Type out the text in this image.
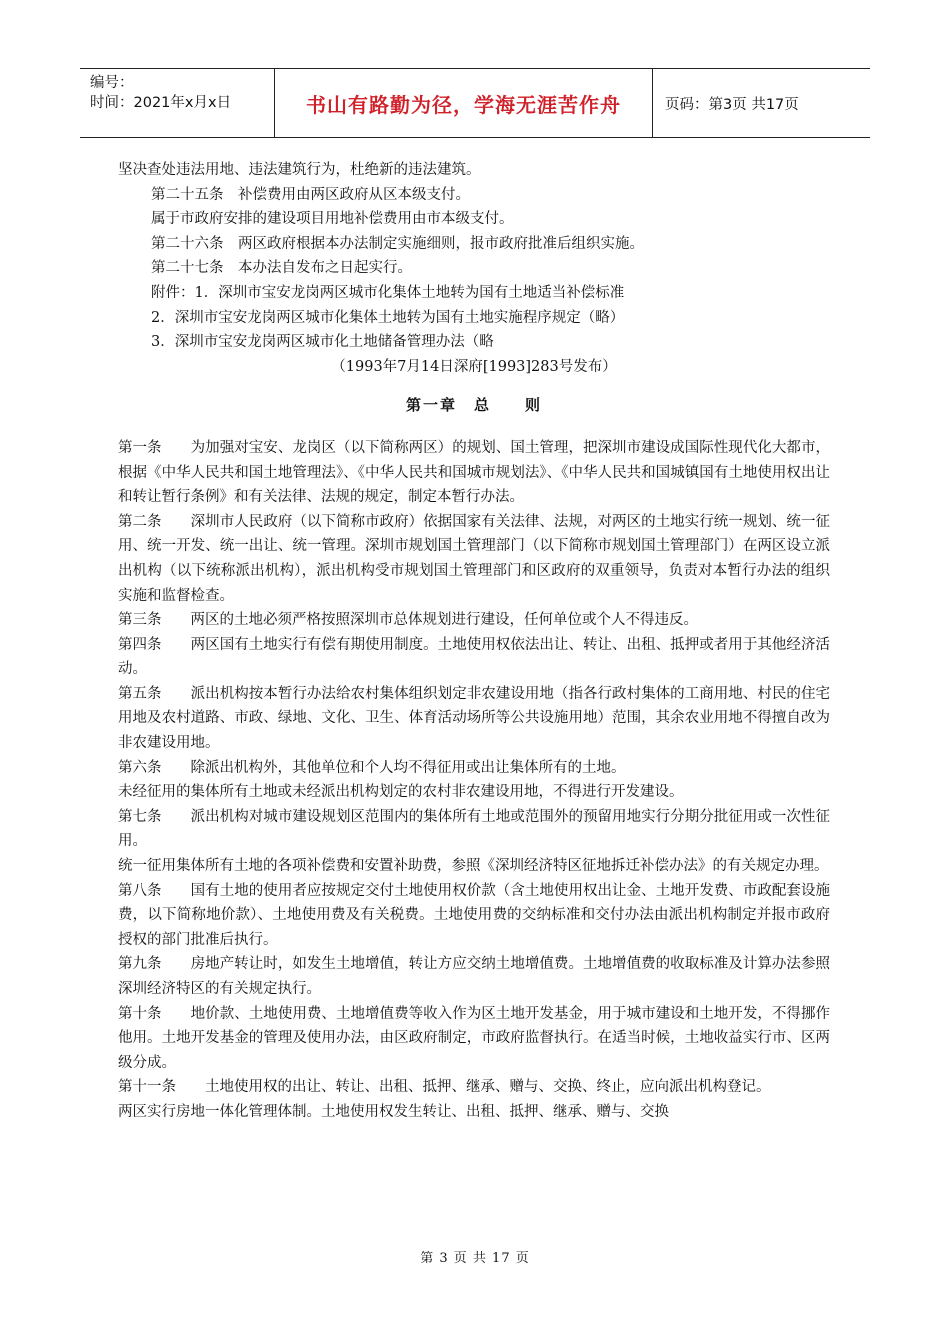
编号：
时间：2021年x月x日	书山有路勤为径，学海无涯苦作舟	页码：第3页 共17页

坚决查处违法用地、违法建筑行为，杜绝新的违法建筑。

第二十五条　补偿费用由两区政府从区本级支付。

属于市政府安排的建设项目用地补偿费用由市本级支付。

第二十六条　两区政府根据本办法制定实施细则，报市政府批准后组织实施。

第二十七条　本办法自发布之日起实行。

附件：1．深圳市宝安龙岗两区城市化集体土地转为国有土地适当补偿标准

2．深圳市宝安龙岗两区城市化集体土地转为国有土地实施程序规定（略）

3．深圳市宝安龙岗两区城市化土地储备管理办法（略

（1993年7月14日深府[1993]283号发布）

第一章　总　　则

第一条　　为加强对宝安、龙岗区（以下简称两区）的规划、国土管理，把深圳市建设成国际性现代化大都市，根据《中华人民共和国土地管理法》、《中华人民共和国城市规划法》、《中华人民共和国城镇国有土地使用权出让和转让暂行条例》和有关法律、法规的规定，制定本暂行办法。

第二条　　深圳市人民政府（以下简称市政府）依据国家有关法律、法规，对两区的土地实行统一规划、统一征用、统一开发、统一出让、统一管理。深圳市规划国土管理部门（以下简称市规划国土管理部门）在两区设立派出机构（以下统称派出机构），派出机构受市规划国土管理部门和区政府的双重领导，负责对本暂行办法的组织实施和监督检查。

第三条　　两区的土地必须严格按照深圳市总体规划进行建设，任何单位或个人不得违反。

第四条　　两区国有土地实行有偿有期使用制度。土地使用权依法出让、转让、出租、抵押或者用于其他经济活动。

第五条　　派出机构按本暂行办法给农村集体组织划定非农建设用地（指各行政村集体的工商用地、村民的住宅用地及农村道路、市政、绿地、文化、卫生、体育活动场所等公共设施用地）范围，其余农业用地不得擅自改为非农建设用地。

第六条　　除派出机构外，其他单位和个人均不得征用或出让集体所有的土地。

未经征用的集体所有土地或未经派出机构划定的农村非农建设用地，不得进行开发建设。

第七条　　派出机构对城市建设规划区范围内的集体所有土地或范围外的预留用地实行分期分批征用或一次性征用。

统一征用集体所有土地的各项补偿费和安置补助费，参照《深圳经济特区征地拆迁补偿办法》的有关规定办理。

第八条　　国有土地的使用者应按规定交付土地使用权价款（含土地使用权出让金、土地开发费、市政配套设施费，以下简称地价款）、土地使用费及有关税费。土地使用费的交纳标准和交付办法由派出机构制定并报市政府授权的部门批准后执行。

第九条　　房地产转让时，如发生土地增值，转让方应交纳土地增值费。土地增值费的收取标准及计算办法参照深圳经济特区的有关规定执行。

第十条　　地价款、土地使用费、土地增值费等收入作为区土地开发基金，用于城市建设和土地开发，不得挪作他用。土地开发基金的管理及使用办法，由区政府制定，市政府监督执行。在适当时候，土地收益实行市、区两级分成。

第十一条　　土地使用权的出让、转让、出租、抵押、继承、赠与、交换、终止，应向派出机构登记。

两区实行房地一体化管理体制。土地使用权发生转让、出租、抵押、继承、赠与、交换

第 3 页 共 17 页
